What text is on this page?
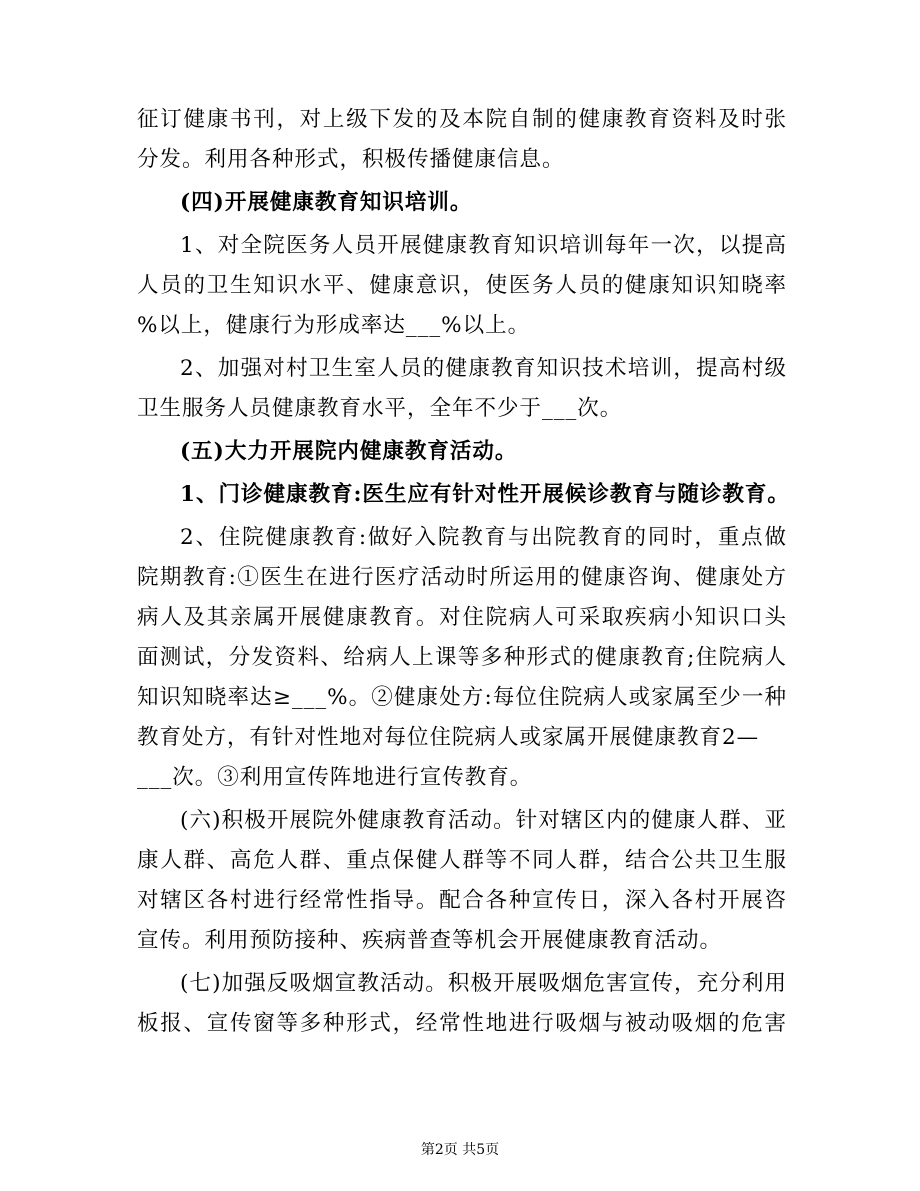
征订健康书刊，对上级下发的及本院自制的健康教育资料及时张
分发。利用各种形式，积极传播健康信息。
(四)开展健康教育知识培训。
1、对全院医务人员开展健康教育知识培训每年一次，以提高
人员的卫生知识水平、健康意识，使医务人员的健康知识知晓率
%以上，健康行为形成率达___%以上。
2、加强对村卫生室人员的健康教育知识技术培训，提高村级
卫生服务人员健康教育水平，全年不少于___次。
(五)大力开展院内健康教育活动。
1、门诊健康教育:医生应有针对性开展候诊教育与随诊教育。
2、住院健康教育:做好入院教育与出院教育的同时，重点做
院期教育:①医生在进行医疗活动时所运用的健康咨询、健康处方
病人及其亲属开展健康教育。对住院病人可采取疾病小知识口头
面测试，分发资料、给病人上课等多种形式的健康教育;住院病人
知识知晓率达≥___%。②健康处方:每位住院病人或家属至少一种
教育处方，有针对性地对每位住院病人或家属开展健康教育2—
___次。③利用宣传阵地进行宣传教育。
(六)积极开展院外健康教育活动。针对辖区内的健康人群、亚
康人群、高危人群、重点保健人群等不同人群，结合公共卫生服
对辖区各村进行经常性指导。配合各种宣传日，深入各村开展咨
宣传。利用预防接种、疾病普查等机会开展健康教育活动。
(七)加强反吸烟宣教活动。积极开展吸烟危害宣传，充分利用
板报、宣传窗等多种形式，经常性地进行吸烟与被动吸烟的危害
第2页 共5页
